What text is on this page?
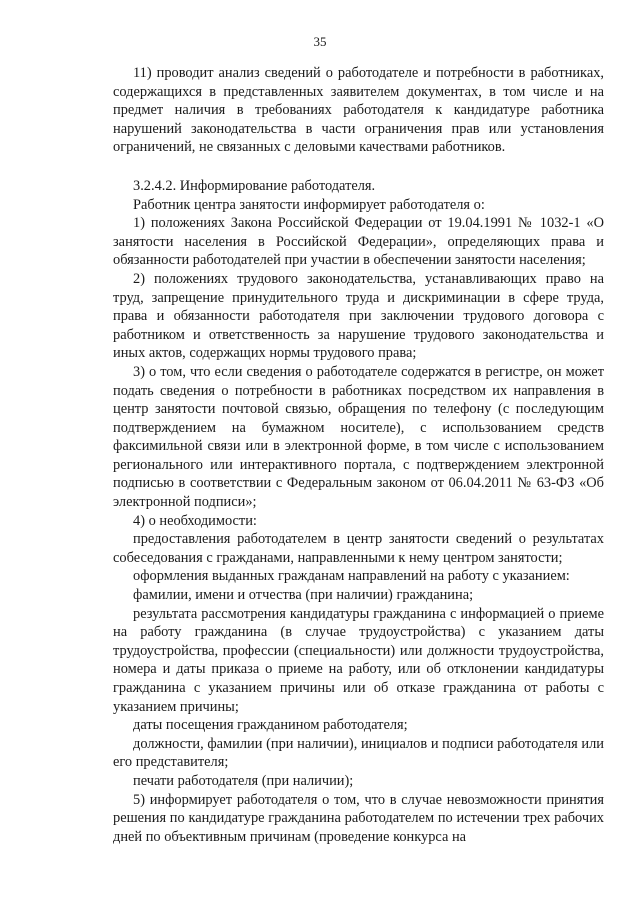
35

11) проводит анализ сведений о работодателе и потребности в работниках, содержащихся в представленных заявителем документах, в том числе и на предмет наличия в требованиях работодателя к кандидатуре работника нарушений законодательства в части ограничения прав или установления ограничений, не связанных с деловыми качествами работников.

3.2.4.2. Информирование работодателя.

Работник центра занятости информирует работодателя о:

1) положениях Закона Российской Федерации от 19.04.1991 № 1032-1 «О занятости населения в Российской Федерации», определяющих права и обязанности работодателей при участии в обеспечении занятости населения;

2) положениях трудового законодательства, устанавливающих право на труд, запрещение принудительного труда и дискриминации в сфере труда, права и обязанности работодателя при заключении трудового договора с работником и ответственность за нарушение трудового законодательства и иных актов, содержащих нормы трудового права;

3) о том, что если сведения о работодателе содержатся в регистре, он может подать сведения о потребности в работниках посредством их направления в центр занятости почтовой связью, обращения по телефону (с последующим подтверждением на бумажном носителе), с использованием средств факсимильной связи или в электронной форме, в том числе с использованием регионального или интерактивного портала, с подтверждением электронной подписью в соответствии с Федеральным законом от 06.04.2011 № 63-ФЗ «Об электронной подписи»;

4) о необходимости:

предоставления работодателем в центр занятости сведений о результатах собеседования с гражданами, направленными к нему центром занятости;

оформления выданных гражданам направлений на работу с указанием:

фамилии, имени и отчества (при наличии) гражданина;

результата рассмотрения кандидатуры гражданина с информацией о приеме на работу гражданина (в случае трудоустройства) с указанием даты трудоустройства, профессии (специальности) или должности трудоустройства, номера и даты приказа о приеме на работу, или об отклонении кандидатуры гражданина с указанием причины или об отказе гражданина от работы с указанием причины;

даты посещения гражданином работодателя;

должности, фамилии (при наличии), инициалов и подписи работодателя или его представителя;

печати работодателя (при наличии);

5) информирует работодателя о том, что в случае невозможности принятия решения по кандидатуре гражданина работодателем по истечении трех рабочих дней по объективным причинам (проведение конкурса на
